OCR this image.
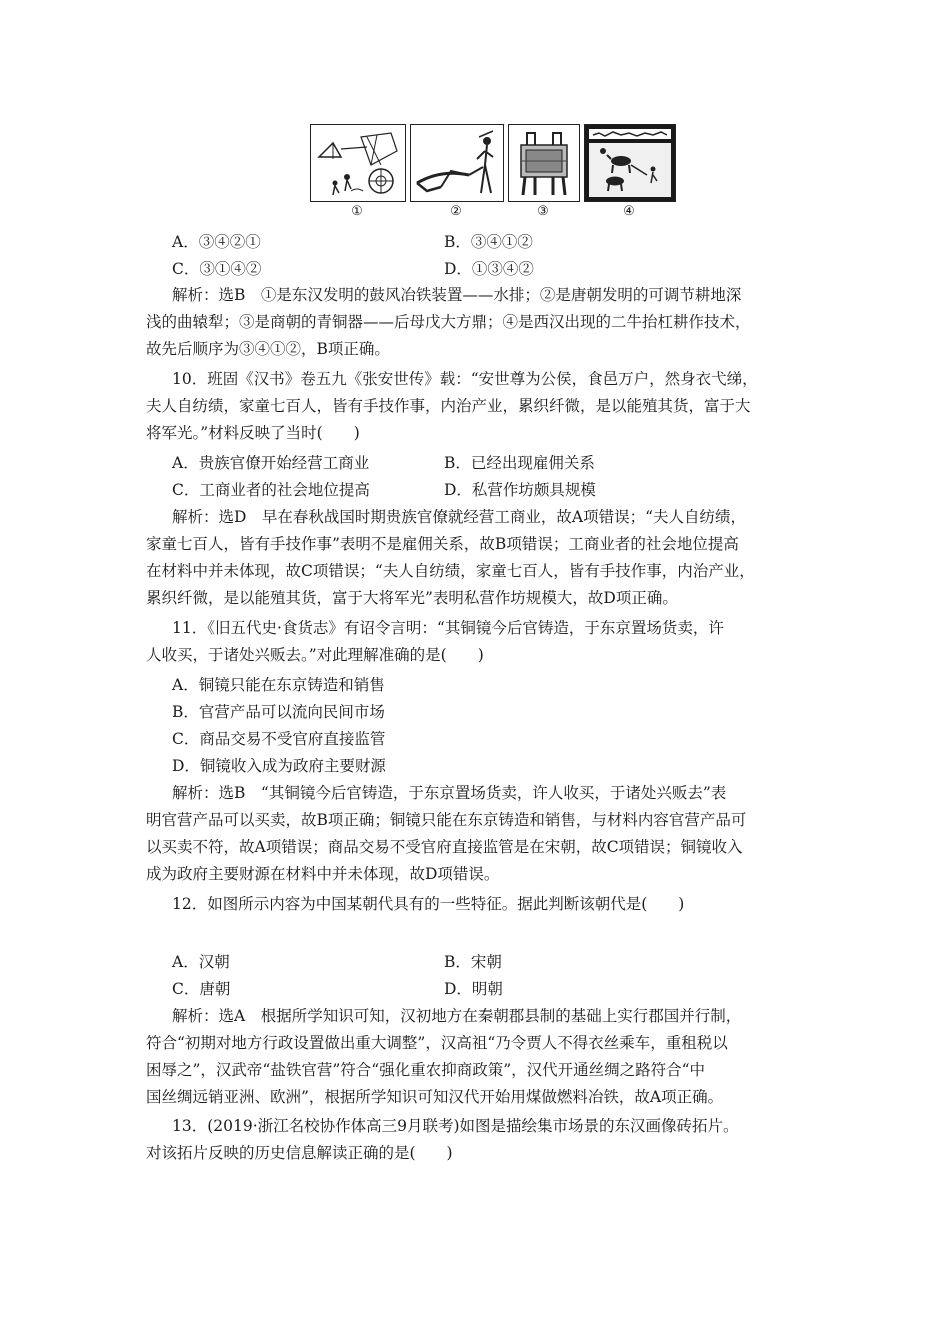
①	②	③	④
A．③④②①	B．③④①②
C．③①④②	D．①③④②
解析：选B　①是东汉发明的鼓风冶铁装置——水排；②是唐朝发明的可调节耕地深
浅的曲辕犁；③是商朝的青铜器——后母戊大方鼎；④是西汉出现的二牛抬杠耕作技术，
故先后顺序为③④①②，B项正确。
10．班固《汉书》卷五九《张安世传》载：“安世尊为公侯，食邑万户，然身衣弋绨，
夫人自纺绩，家童七百人，皆有手技作事，内治产业，累织纤微，是以能殖其货，富于大
将军光。”材料反映了当时(　　)
A．贵族官僚开始经营工商业	B．已经出现雇佣关系
C．工商业者的社会地位提高	D．私营作坊颇具规模
解析：选D　早在春秋战国时期贵族官僚就经营工商业，故A项错误；“夫人自纺绩，
家童七百人，皆有手技作事”表明不是雇佣关系，故B项错误；工商业者的社会地位提高
在材料中并未体现，故C项错误；“夫人自纺绩，家童七百人，皆有手技作事，内治产业，
累织纤微，是以能殖其货，富于大将军光”表明私营作坊规模大，故D项正确。
11．《旧五代史·食货志》有诏令言明：“其铜镜今后官铸造，于东京置场货卖，许
人收买，于诸处兴贩去。”对此理解准确的是(　　)
A．铜镜只能在东京铸造和销售
B．官营产品可以流向民间市场
C．商品交易不受官府直接监管
D．铜镜收入成为政府主要财源
解析：选B　“其铜镜今后官铸造，于东京置场货卖，许人收买，于诸处兴贩去”表
明官营产品可以买卖，故B项正确；铜镜只能在东京铸造和销售，与材料内容官营产品可
以买卖不符，故A项错误；商品交易不受官府直接监管是在宋朝，故C项错误；铜镜收入
成为政府主要财源在材料中并未体现，故D项错误。
12．如图所示内容为中国某朝代具有的一些特征。据此判断该朝代是(　　)
A．汉朝	B．宋朝
C．唐朝	D．明朝
解析：选A　根据所学知识可知，汉初地方在秦朝郡县制的基础上实行郡国并行制，
符合“初期对地方行政设置做出重大调整”，汉高祖“乃令贾人不得衣丝乘车，重租税以
困辱之”，汉武帝“盐铁官营”符合“强化重农抑商政策”，汉代开通丝绸之路符合“中
国丝绸远销亚洲、欧洲”，根据所学知识可知汉代开始用煤做燃料冶铁，故A项正确。
13．(2019·浙江名校协作体高三9月联考)如图是描绘集市场景的东汉画像砖拓片。
对该拓片反映的历史信息解读正确的是(　　)
